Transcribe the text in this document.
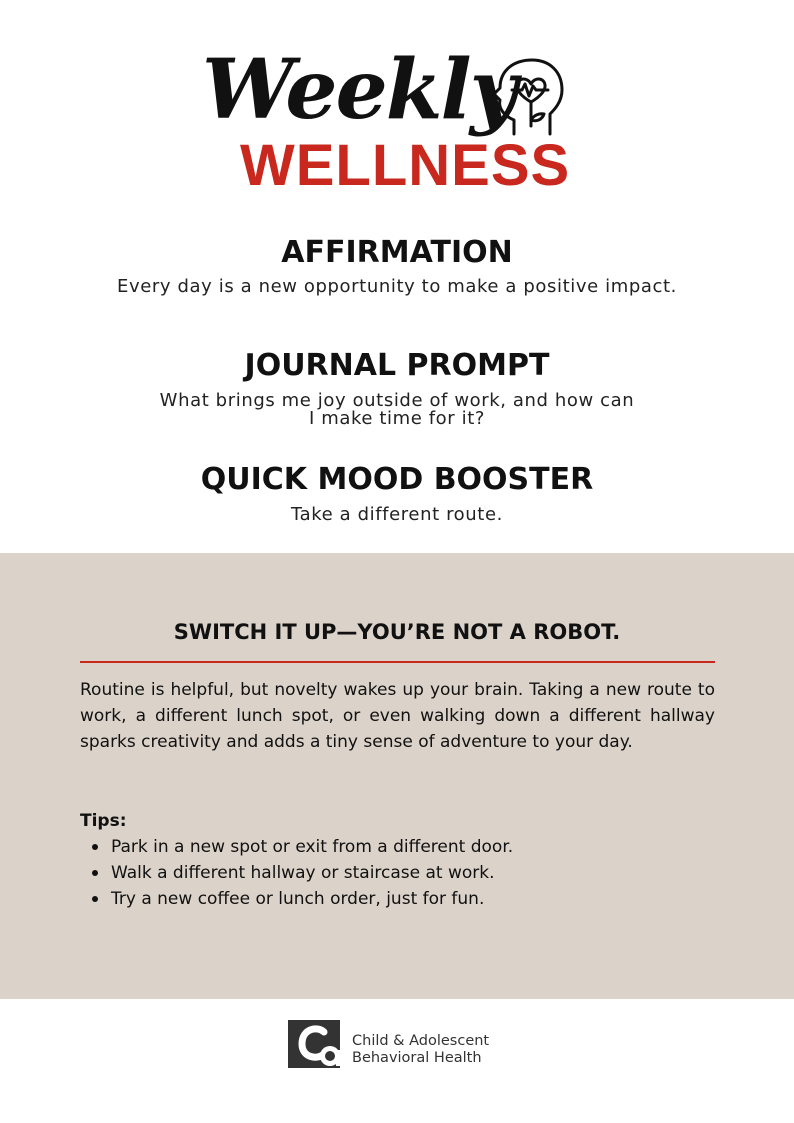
Weekly
WELLNESS
AFFIRMATION

Every day is a new opportunity to make a positive impact.

JOURNAL PROMPT

What brings me joy outside of work, and how can

I make time for it?

QUICK MOOD BOOSTER

Take a different route.

SWITCH IT UP—YOU’RE NOT A ROBOT.

Routine is helpful, but novelty wakes up your brain. Taking a new route to work, a different lunch spot, or even walking down a different hallway sparks creativity and adds a tiny sense of adventure to your day.

Tips:

Park in a new spot or exit from a different door.
Walk a different hallway or staircase at work.
Try a new coffee or lunch order, just for fun.
Child & Adolescent
Behavioral Health
